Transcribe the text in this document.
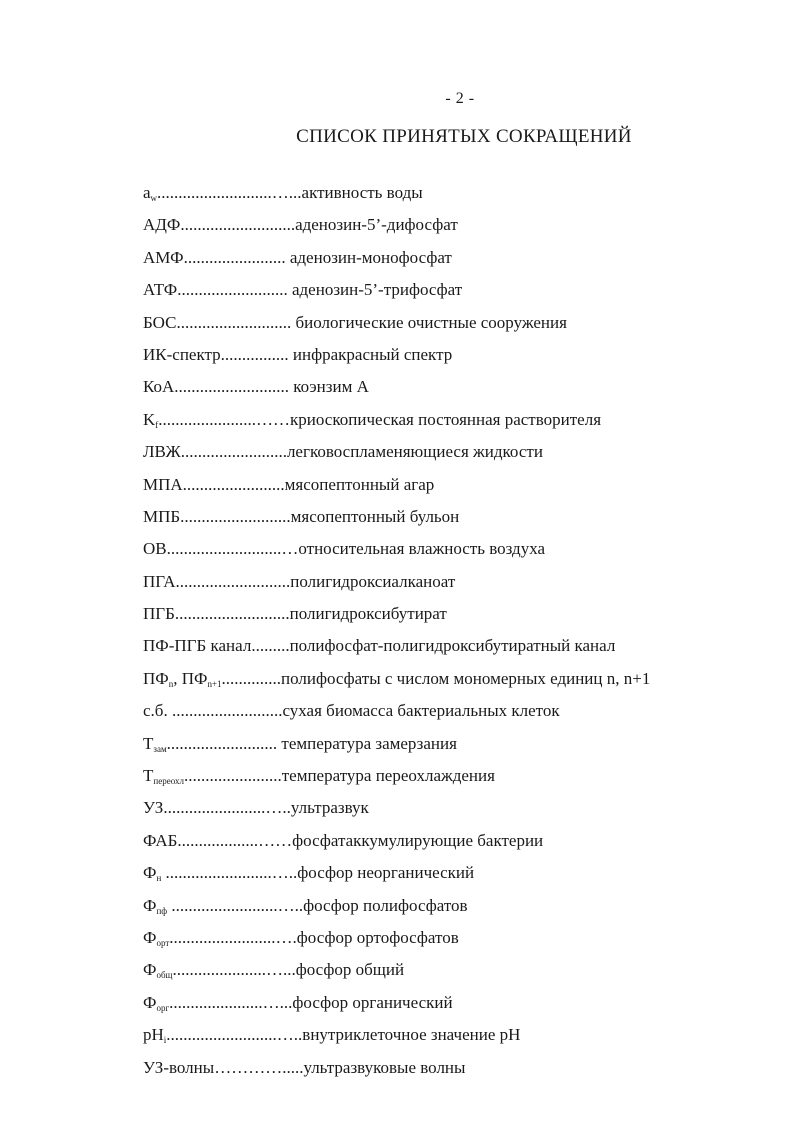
- 2 -
СПИСОК ПРИНЯТЫХ СОКРАЩЕНИЙ
$a_w...........................\dots...активность$ воды
АДФ...........................аденозин-5’-дифосфат
АМФ........................ аденозин-монофосфат
АТФ.......................... аденозин-5’-трифосфат
БОС........................... биологические очистные сооружения
ИК-спектр................ инфракрасный спектр
КоА........................... коэнзим А
$K_f.......................\dots\dots криоскопическая$ постоянная растворителя
ЛВЖ.........................легковоспламеняющиеся жидкости
МПА........................мясопептонный агар
МПБ..........................мясопептонный бульон
ОВ...........................…относительная влажность воздуха
ПГА...........................полигидроксиалканоат
ПГБ...........................полигидроксибутират
ПФ-ПГБ канал.........полифосфат-полигидроксибутиратный канал
$ПФ_n$, $ПФ_{n+1}..............полифосфаты$ с числом мономерных единиц n, n+1
с.б. ..........................сухая биомасса бактериальных клеток
$T_{зам}$.......................... температура замерзания
$T_{переохл}.......................температура$ переохлаждения
УЗ........................…..ультразвук
ФАБ...................……фосфатаккумулирующие бактерии
$Ф_н$ .........................…..фосфор неорганический
$Ф_{пф}$ .........................…..фосфор полифосфатов
$Ф_{орт}.........................\dots.фосфор$ ортофосфатов
$Ф_{общ}......................\dots...фосфор$ общий
$Ф_{орг}......................\dots...фосфор$ органический
$pH_i..........................\dots..внутриклеточное$ значение pH
УЗ-волны………….....ультразвуковые волны
